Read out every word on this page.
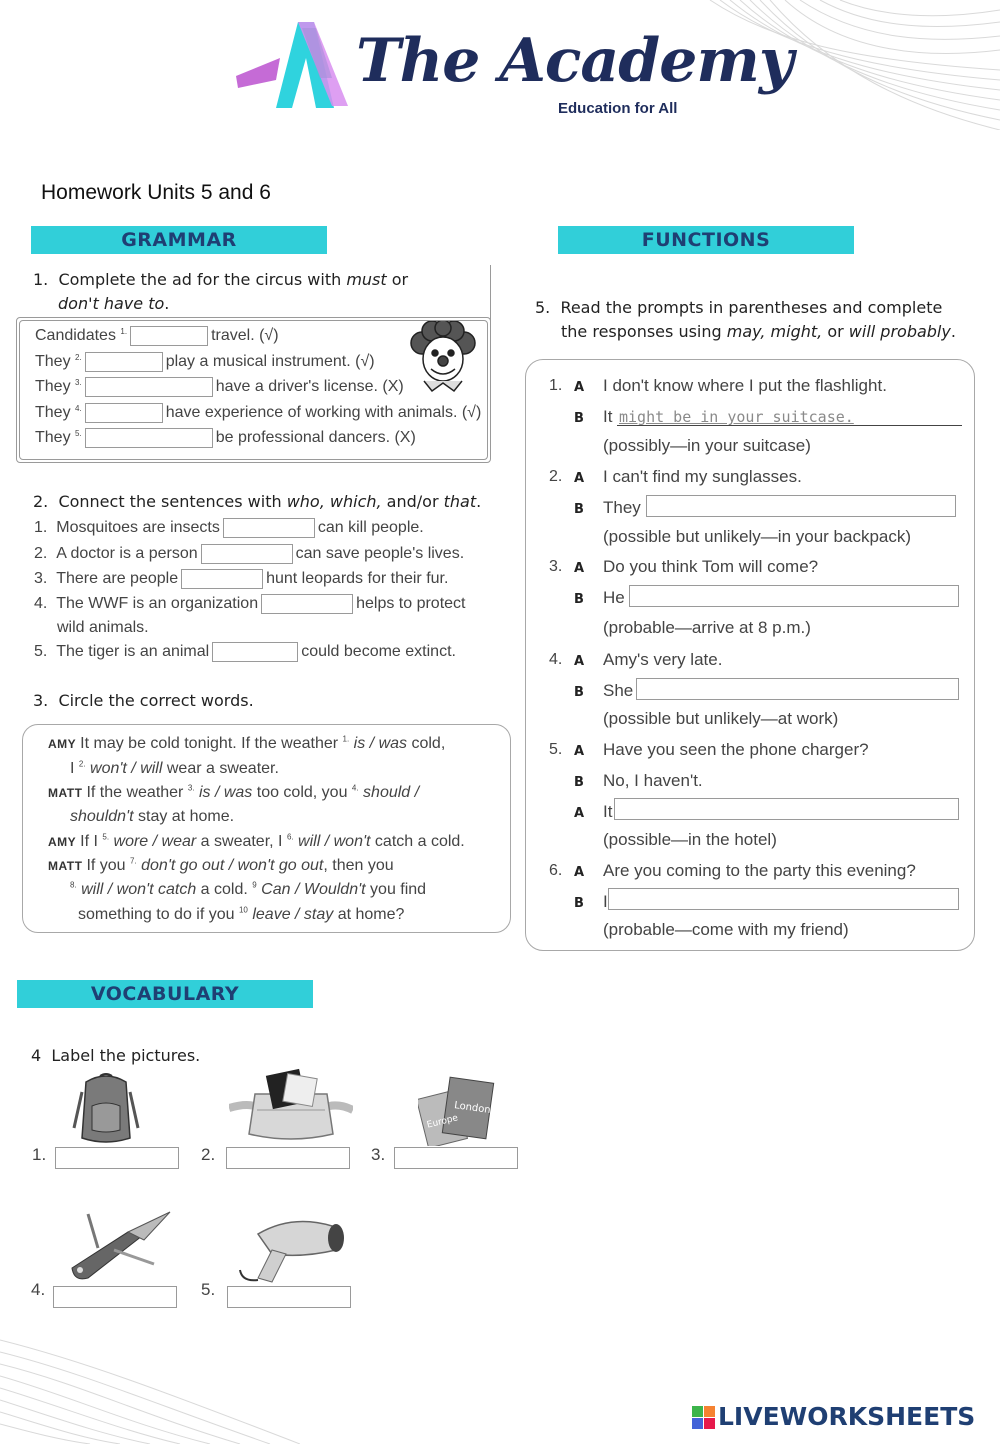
The Academy
Education for All
Homework Units 5 and 6
GRAMMAR	FUNCTIONS
VOCABULARY
1. Complete the ad for the circus with must or
don't have to.
Candidates $^{1.}$	travel. (√)
They $^{2.}$	play a musical instrument. (√)
They $^{3.}$	have a driver's license. (X)
They $^{4.}$	have experience of working with animals. (√)
They $^{5.}$	be professional dancers. (X)
2. Connect the sentences with who, which, and/or that.
1. Mosquitoes are insects	can kill people.
2. A doctor is a person	can save people's lives.
3. There are people	hunt leopards for their fur.
4. The WWF is an organization	helps to protect
wild animals.
5. The tiger is an animal	could become extinct.
3. Circle the correct words.
AMY It may be cold tonight. If the weather $^{1.}$ is / was cold,
I $^{2.}$ won't / will wear a sweater.
MATT If the weather $^{3.}$ is / was too cold, you $^{4.}$ should /
shouldn't stay at home.
AMY If I $^{5.}$ wore / wear a sweater, I $^{6.}$ will / won't catch a cold.
MATT If you $^{7.}$ don't go out / won't go out, then you
$^{8.}$ will / won't catch a cold. $^9$ Can / Wouldn't you find
something to do if you $^{10}$ leave / stay at home?
5. Read the prompts in parentheses and complete
the responses using may, might, or will probably.
1. A I don't know where I put the flashlight.
B It might be in your suitcase.
(possibly—in your suitcase)
2. A I can't find my sunglasses.
B They
(possible but unlikely—in your backpack)
3. A Do you think Tom will come?
B He
(probable—arrive at 8 p.m.)
4. A Amy's very late.
B She
(possible but unlikely—at work)
5. A Have you seen the phone charger?
B No, I haven't.
A It
(possible—in the hotel)
6. A Are you coming to the party this evening?
B I
(probable—come with my friend)
4 Label the pictures.
Europe
London
1.	2.	3.
4.	5.
LIVEWORKSHEETS
